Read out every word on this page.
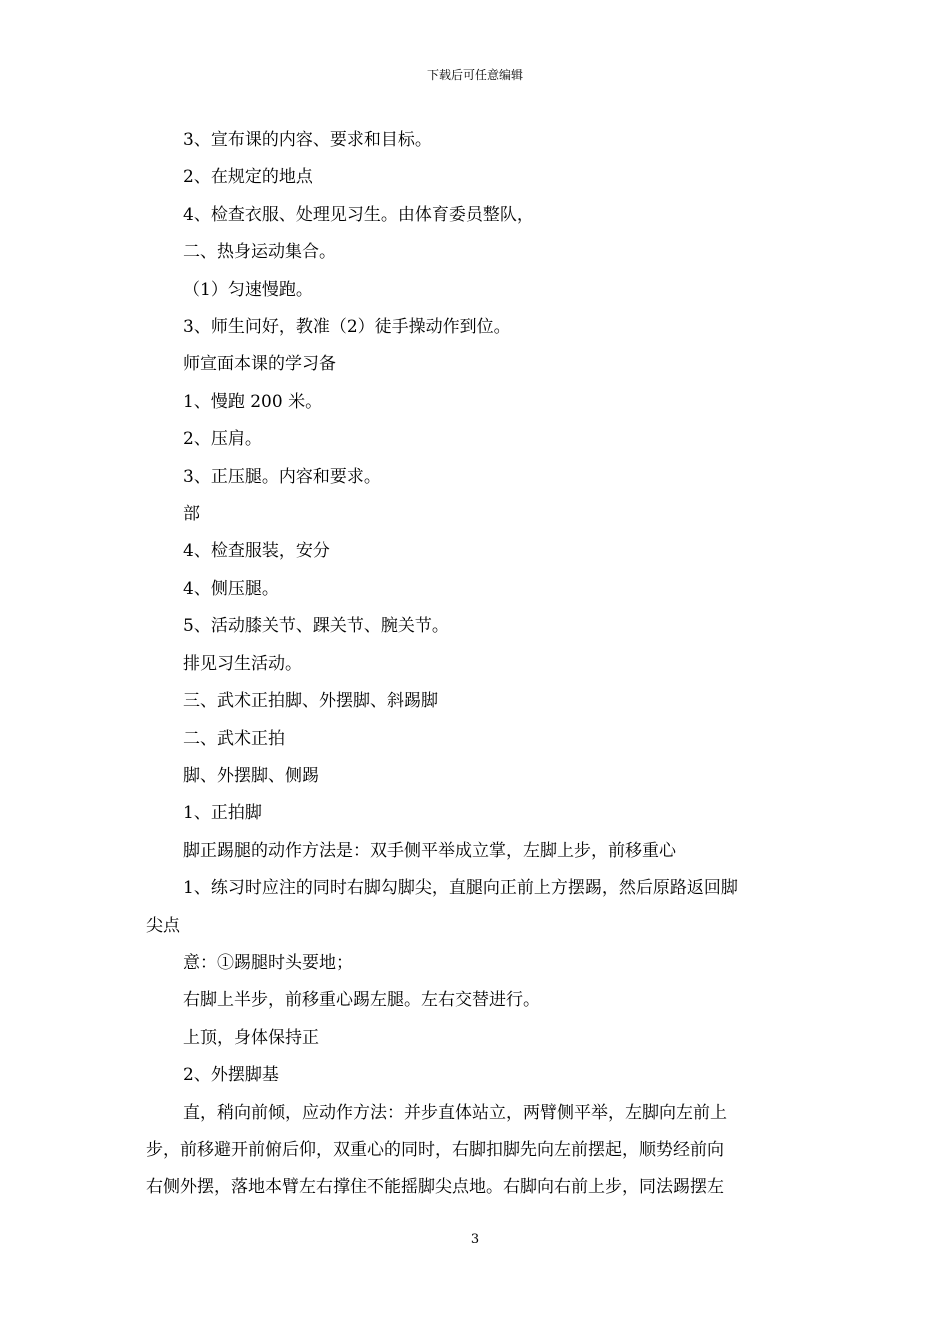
下载后可任意编辑
3、宣布课的内容、要求和目标。
2、在规定的地点
4、检查衣服、处理见习生。由体育委员整队，
二、热身运动集合。
（1）匀速慢跑。
3、师生问好，教准（2）徒手操动作到位。
师宣面本课的学习备
1、慢跑 200 米。
2、压肩。
3、正压腿。内容和要求。
部
4、检查服装，安分
4、侧压腿。
5、活动膝关节、踝关节、腕关节。
排见习生活动。
三、武术正拍脚、外摆脚、斜踢脚
二、武术正拍
脚、外摆脚、侧踢
1、正拍脚
脚正踢腿的动作方法是：双手侧平举成立掌，左脚上步，前移重心
1、练习时应注的同时右脚勾脚尖，直腿向正前上方摆踢，然后原路返回脚
尖点
意：①踢腿时头要地；
右脚上半步，前移重心踢左腿。左右交替进行。
上顶，身体保持正
2、外摆脚基
直，稍向前倾，应动作方法：并步直体站立，两臂侧平举，左脚向左前上
步，前移避开前俯后仰，双重心的同时，右脚扣脚先向左前摆起，顺势经前向
右侧外摆，落地本臂左右撑住不能摇脚尖点地。右脚向右前上步，同法踢摆左
3
